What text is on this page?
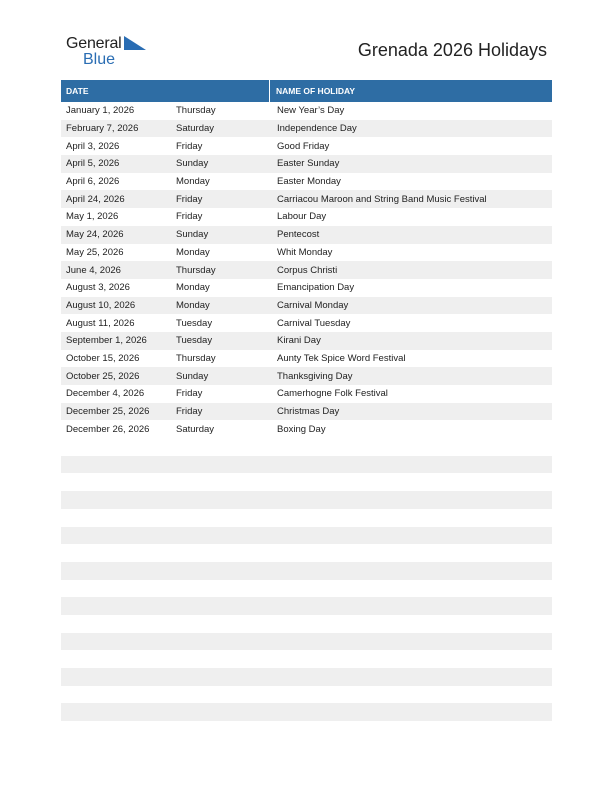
General
Blue	Grenada 2026 Holidays
DATE	NAME OF HOLIDAY
January 1, 2026	Thursday	New Year’s Day
February 7, 2026	Saturday	Independence Day
April 3, 2026	Friday	Good Friday
April 5, 2026	Sunday	Easter Sunday
April 6, 2026	Monday	Easter Monday
April 24, 2026	Friday	Carriacou Maroon and String Band Music Festival
May 1, 2026	Friday	Labour Day
May 24, 2026	Sunday	Pentecost
May 25, 2026	Monday	Whit Monday
June 4, 2026	Thursday	Corpus Christi
August 3, 2026	Monday	Emancipation Day
August 10, 2026	Monday	Carnival Monday
August 11, 2026	Tuesday	Carnival Tuesday
September 1, 2026	Tuesday	Kirani Day
October 15, 2026	Thursday	Aunty Tek Spice Word Festival
October 25, 2026	Sunday	Thanksgiving Day
December 4, 2026	Friday	Camerhogne Folk Festival
December 25, 2026	Friday	Christmas Day
December 26, 2026	Saturday	Boxing Day
